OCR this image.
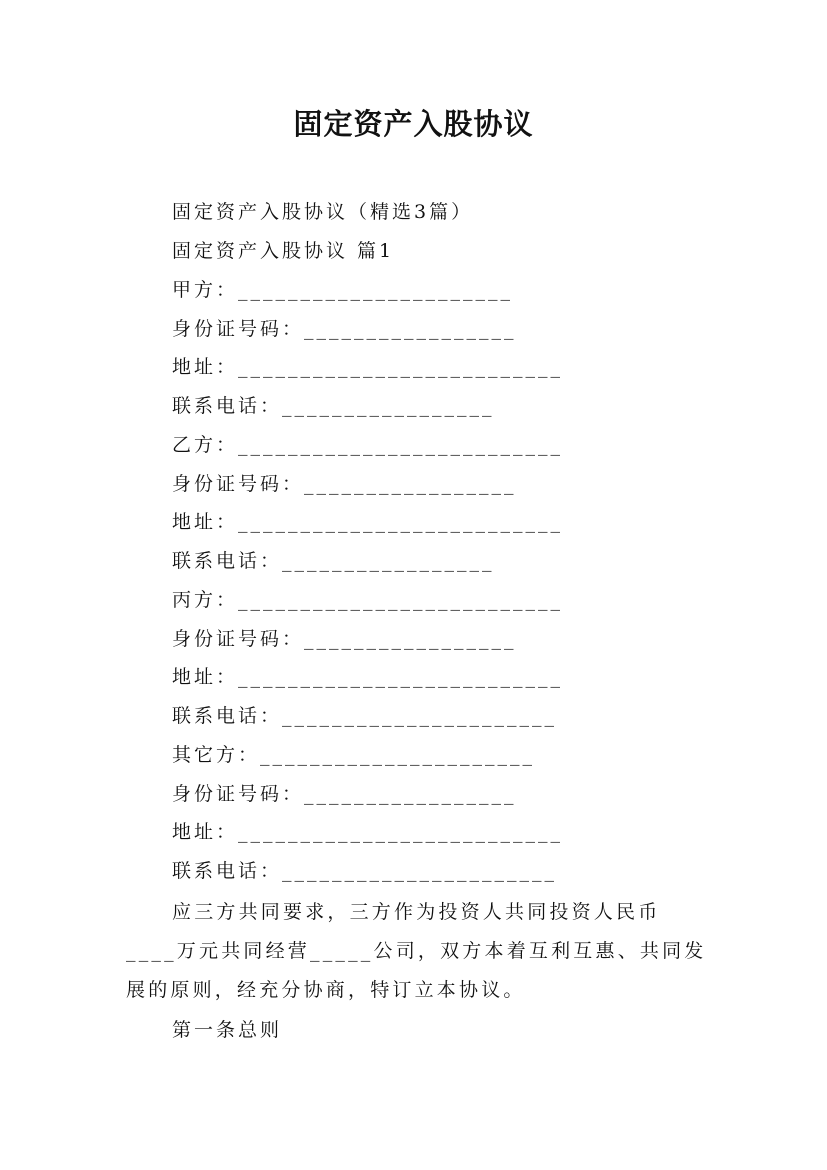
固定资产入股协议
固定资产入股协议（精选3篇）
固定资产入股协议 篇1
甲方：______________________
身份证号码：_________________
地址：__________________________
联系电话：_________________
乙方：__________________________
身份证号码：_________________
地址：__________________________
联系电话：_________________
丙方：__________________________
身份证号码：_________________
地址：__________________________
联系电话：______________________
其它方：______________________
身份证号码：_________________
地址：__________________________
联系电话：______________________
应三方共同要求，三方作为投资人共同投资人民币____万元共同经营_____公司，双方本着互利互惠、共同发展的原则，经充分协商，特订立本协议。
第一条总则
